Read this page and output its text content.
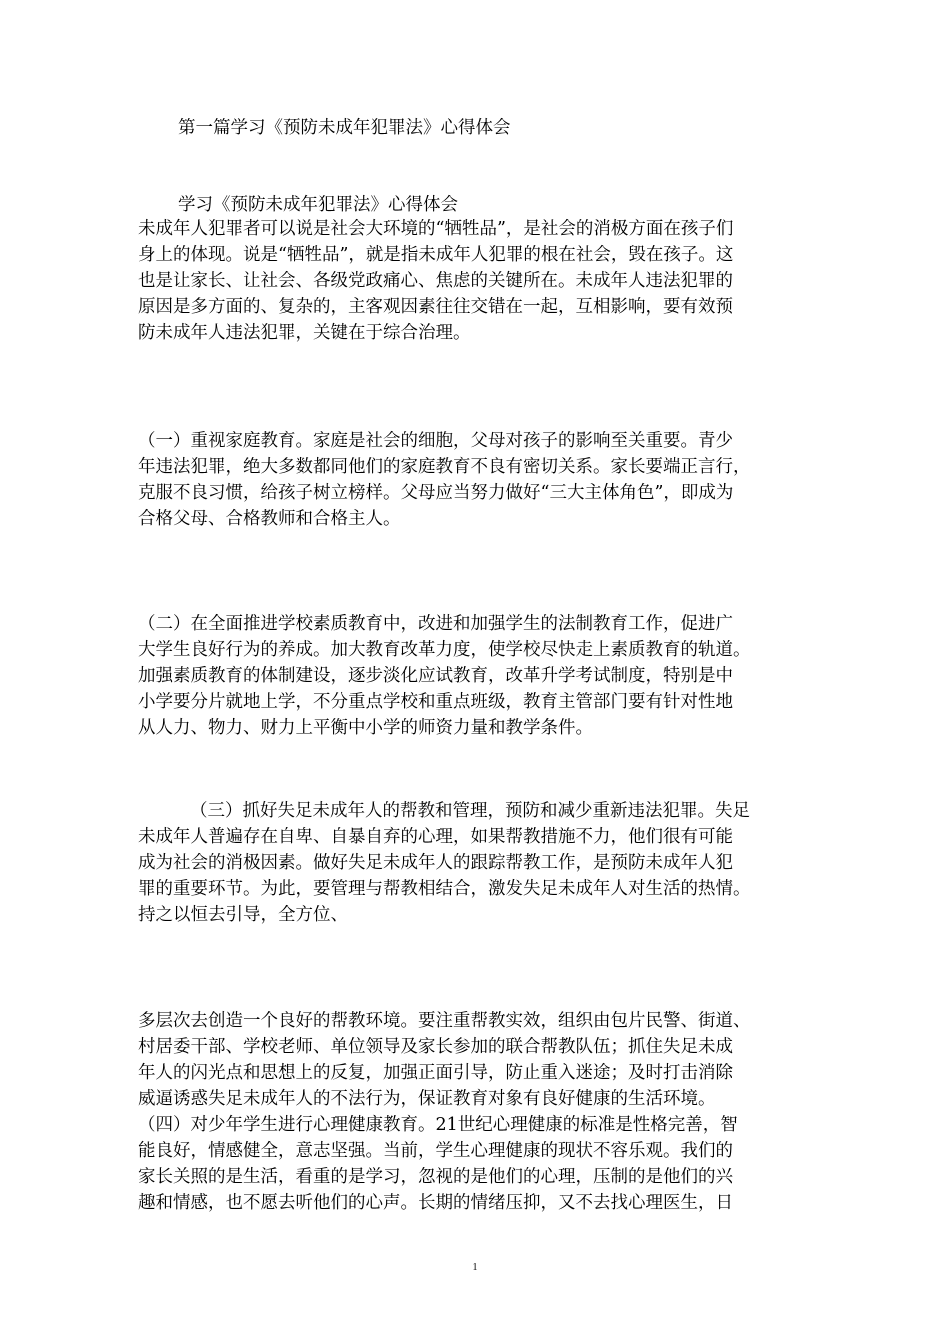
第一篇学习《预防未成年犯罪法》心得体会

学习《预防未成年犯罪法》心得体会

未成年人犯罪者可以说是社会大环境的“牺牲品”，是社会的消极方面在孩子们

身上的体现。说是“牺牲品”，就是指未成年人犯罪的根在社会，毁在孩子。这

也是让家长、让社会、各级党政痛心、焦虑的关键所在。未成年人违法犯罪的

原因是多方面的、复杂的，主客观因素往往交错在一起，互相影响，要有效预

防未成年人违法犯罪，关键在于综合治理。

（一）重视家庭教育。家庭是社会的细胞，父母对孩子的影响至关重要。青少

年违法犯罪，绝大多数都同他们的家庭教育不良有密切关系。家长要端正言行，

克服不良习惯，给孩子树立榜样。父母应当努力做好“三大主体角色”，即成为

合格父母、合格教师和合格主人。

（二）在全面推进学校素质教育中，改进和加强学生的法制教育工作，促进广

大学生良好行为的养成。加大教育改革力度，使学校尽快走上素质教育的轨道。

加强素质教育的体制建设，逐步淡化应试教育，改革升学考试制度，特别是中

小学要分片就地上学，不分重点学校和重点班级，教育主管部门要有针对性地

从人力、物力、财力上平衡中小学的师资力量和教学条件。

（三）抓好失足未成年人的帮教和管理，预防和减少重新违法犯罪。失足

未成年人普遍存在自卑、自暴自弃的心理，如果帮教措施不力，他们很有可能

成为社会的消极因素。做好失足未成年人的跟踪帮教工作，是预防未成年人犯

罪的重要环节。为此，要管理与帮教相结合，激发失足未成年人对生活的热情。

持之以恒去引导，全方位、

多层次去创造一个良好的帮教环境。要注重帮教实效，组织由包片民警、街道、

村居委干部、学校老师、单位领导及家长参加的联合帮教队伍；抓住失足未成

年人的闪光点和思想上的反复，加强正面引导，防止重入迷途；及时打击消除

威逼诱惑失足未成年人的不法行为，保证教育对象有良好健康的生活环境。

（四）对少年学生进行心理健康教育。21世纪心理健康的标准是性格完善，智

能良好，情感健全，意志坚强。当前，学生心理健康的现状不容乐观。我们的

家长关照的是生活，看重的是学习，忽视的是他们的心理，压制的是他们的兴

趣和情感，也不愿去听他们的心声。长期的情绪压抑，又不去找心理医生，日

1
